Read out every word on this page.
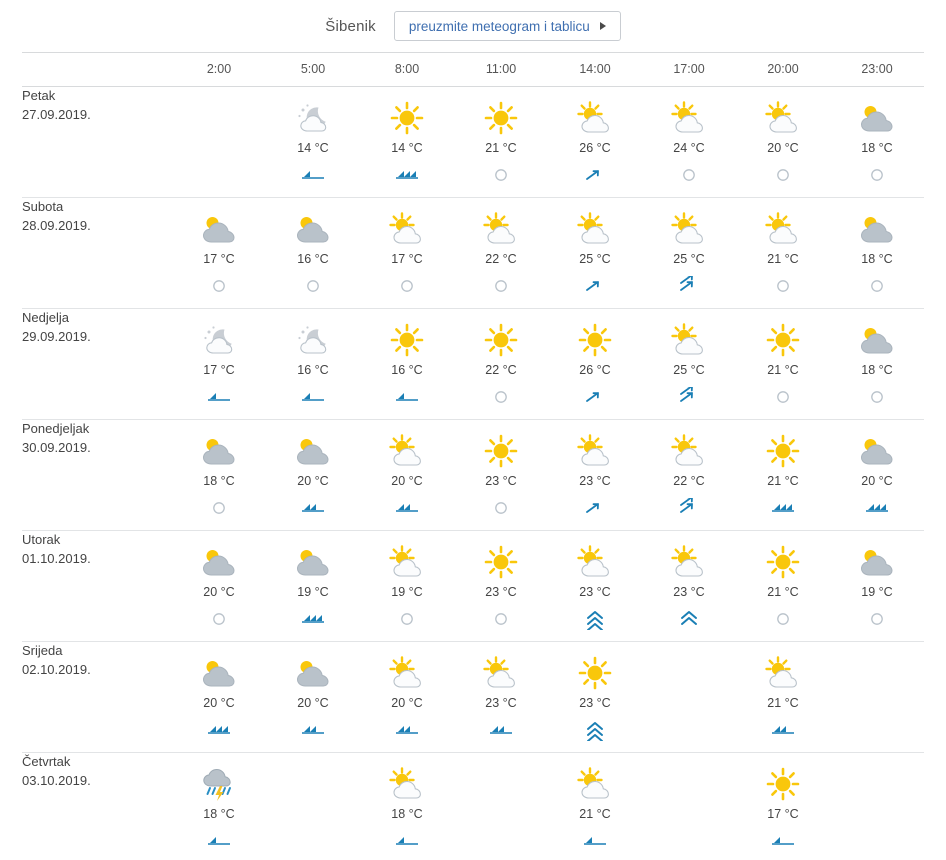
Šibenik preuzmite meteogram i tablicu
	2:00	5:00	8:00	11:00	14:00	17:00	20:00	23:00

Petak
27.09.2019.		14 °C	14 °C	21 °C	26 °C	24 °C	20 °C	18 °C

Subota
28.09.2019.	17 °C	16 °C	17 °C	22 °C	25 °C	25 °C	21 °C	18 °C

Nedjelja
29.09.2019.	17 °C	16 °C	16 °C	22 °C	26 °C	25 °C	21 °C	18 °C

Ponedjeljak
30.09.2019.	18 °C	20 °C	20 °C	23 °C	23 °C	22 °C	21 °C	20 °C

Utorak
01.10.2019.	20 °C	19 °C	19 °C	23 °C	23 °C	23 °C	21 °C	19 °C

Srijeda
02.10.2019.	20 °C	20 °C	20 °C	23 °C	23 °C		21 °C	

Četvrtak
03.10.2019.	18 °C		18 °C		21 °C		17 °C	
